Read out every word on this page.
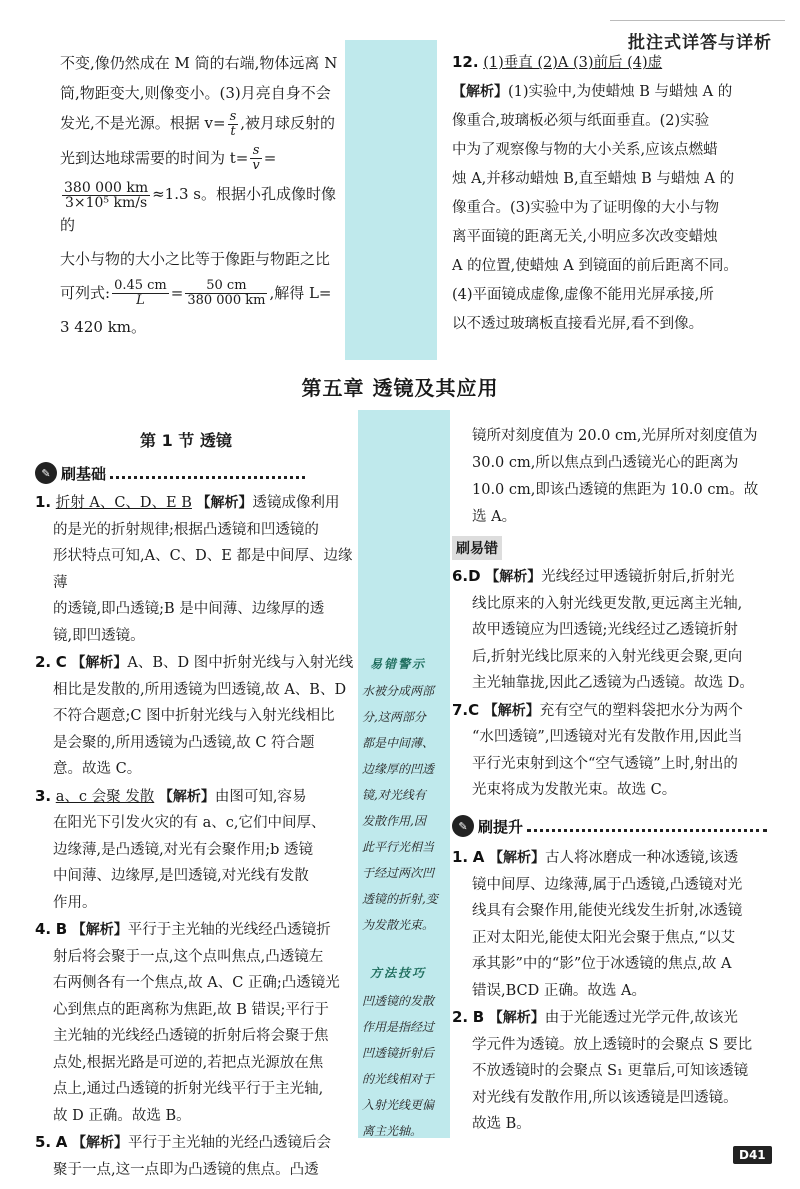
批注式详答与详析

不变,像仍然成在 M 筒的右端,物体远离 N

筒,物距变大,则像变小。(3)月亮自身不会

发光,不是光源。根据 $v= \frac{s}{t}$ ,被月球反射的

光到达地球需要的时间为 $t= \frac{s}{v}$ =

$\frac{380 000 km}{\text{3×10⁵ km/s}} \approx 1.3$ s。根据小孔成像时像的

大小与物的大小之比等于像距与物距之比

可列式: $\frac{0.45 cm}{L} = \frac{50 cm}{380 000 km}$ ,解得 L=

3 420 km。

12. (1)垂直 (2)A (3)前后 (4)虚

【解析】(1)实验中,为使蜡烛 B 与蜡烛 A 的

像重合,玻璃板必须与纸面垂直。(2)实验

中为了观察像与物的大小关系,应该点燃蜡

烛 A,并移动蜡烛 B,直至蜡烛 B 与蜡烛 A 的

像重合。(3)实验中为了证明像的大小与物

离平面镜的距离无关,小明应多次改变蜡烛

A 的位置,使蜡烛 A 到镜面的前后距离不同。

(4)平面镜成虚像,虚像不能用光屏承接,所

以不透过玻璃板直接看光屏,看不到像。

第五章 透镜及其应用
第 1 节 透镜
✎ 刷基础

1. 折射 A、C、D、E B 【解析】透镜成像利用

的是光的折射规律;根据凸透镜和凹透镜的

形状特点可知,A、C、D、E 都是中间厚、边缘薄

的透镜,即凸透镜;B 是中间薄、边缘厚的透

镜,即凹透镜。

2. C 【解析】A、B、D 图中折射光线与入射光线

相比是发散的,所用透镜为凹透镜,故 A、B、D

不符合题意;C 图中折射光线与入射光线相比

是会聚的,所用透镜为凸透镜,故 C 符合题

意。故选 C。

3. a、c 会聚 发散 【解析】由图可知,容易

在阳光下引发火灾的有 a、c,它们中间厚、

边缘薄,是凸透镜,对光有会聚作用;b 透镜

中间薄、边缘厚,是凹透镜,对光线有发散

作用。

4. B 【解析】平行于主光轴的光线经凸透镜折

射后将会聚于一点,这个点叫焦点,凸透镜左

右两侧各有一个焦点,故 A、C 正确;凸透镜光

心到焦点的距离称为焦距,故 B 错误;平行于

主光轴的光线经凸透镜的折射后将会聚于焦

点处,根据光路是可逆的,若把点光源放在焦

点上,通过凸透镜的折射光线平行于主光轴,

故 D 正确。故选 B。

5. A 【解析】平行于主光轴的光经凸透镜后会

聚于一点,这一点即为凸透镜的焦点。凸透

易错警示
水被分成两部
分,这两部分
都是中间薄、
边缘厚的凹透
镜,对光线有
发散作用,因
此平行光相当
于经过两次凹
透镜的折射,变
为发散光束。
方法技巧
凹透镜的发散
作用是指经过
凹透镜折射后
的光线相对于
入射光线更偏
离主光轴。

镜所对刻度值为 20.0 cm,光屏所对刻度值为

30.0 cm,所以焦点到凸透镜光心的距离为

10.0 cm,即该凸透镜的焦距为 10.0 cm。故

选 A。

刷易错

6.D 【解析】光线经过甲透镜折射后,折射光

线比原来的入射光线更发散,更远离主光轴,

故甲透镜应为凹透镜;光线经过乙透镜折射

后,折射光线比原来的入射光线更会聚,更向

主光轴靠拢,因此乙透镜为凸透镜。故选 D。

7.C 【解析】充有空气的塑料袋把水分为两个

“水凹透镜”,凹透镜对光有发散作用,因此当

平行光束射到这个“空气透镜”上时,射出的

光束将成为发散光束。故选 C。

✎ 刷提升

1. A 【解析】古人将冰磨成一种冰透镜,该透

镜中间厚、边缘薄,属于凸透镜,凸透镜对光

线具有会聚作用,能使光线发生折射,冰透镜

正对太阳光,能使太阳光会聚于焦点,“以艾

承其影”中的“影”位于冰透镜的焦点,故 A

错误,BCD 正确。故选 A。

2. B 【解析】由于光能透过光学元件,故该光

学元件为透镜。放上透镜时的会聚点 S 要比

不放透镜时的会聚点 S₁ 更靠后,可知该透镜

对光线有发散作用,所以该透镜是凹透镜。

故选 B。

D41
